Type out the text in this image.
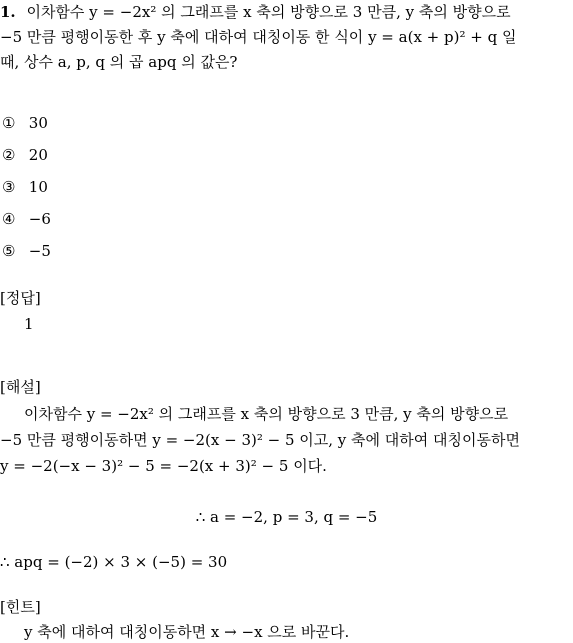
1. 이차함수 y = −2x² 의 그래프를 x 축의 방향으로 3 만큼, y 축의 방향으로
−5 만큼 평행이동한 후 y 축에 대하여 대칭이동 한 식이 y = a(x + p)² + q 일
때, 상수 a, p, q 의 곱 apq 의 값은?
① 30
② 20
③ 10
④ −6
⑤ −5
[정답]
1
[해설]
이차함수 y = −2x² 의 그래프를 x 축의 방향으로 3 만큼, y 축의 방향으로
−5 만큼 평행이동하면 y = −2(x − 3)² − 5 이고, y 축에 대하여 대칭이동하면
y = −2(−x − 3)² − 5 = −2(x + 3)² − 5 이다.
∴ a = −2, p = 3, q = −5
∴ apq = (−2) × 3 × (−5) = 30
[힌트]
y 축에 대하여 대칭이동하면 x → −x 으로 바꾼다.
